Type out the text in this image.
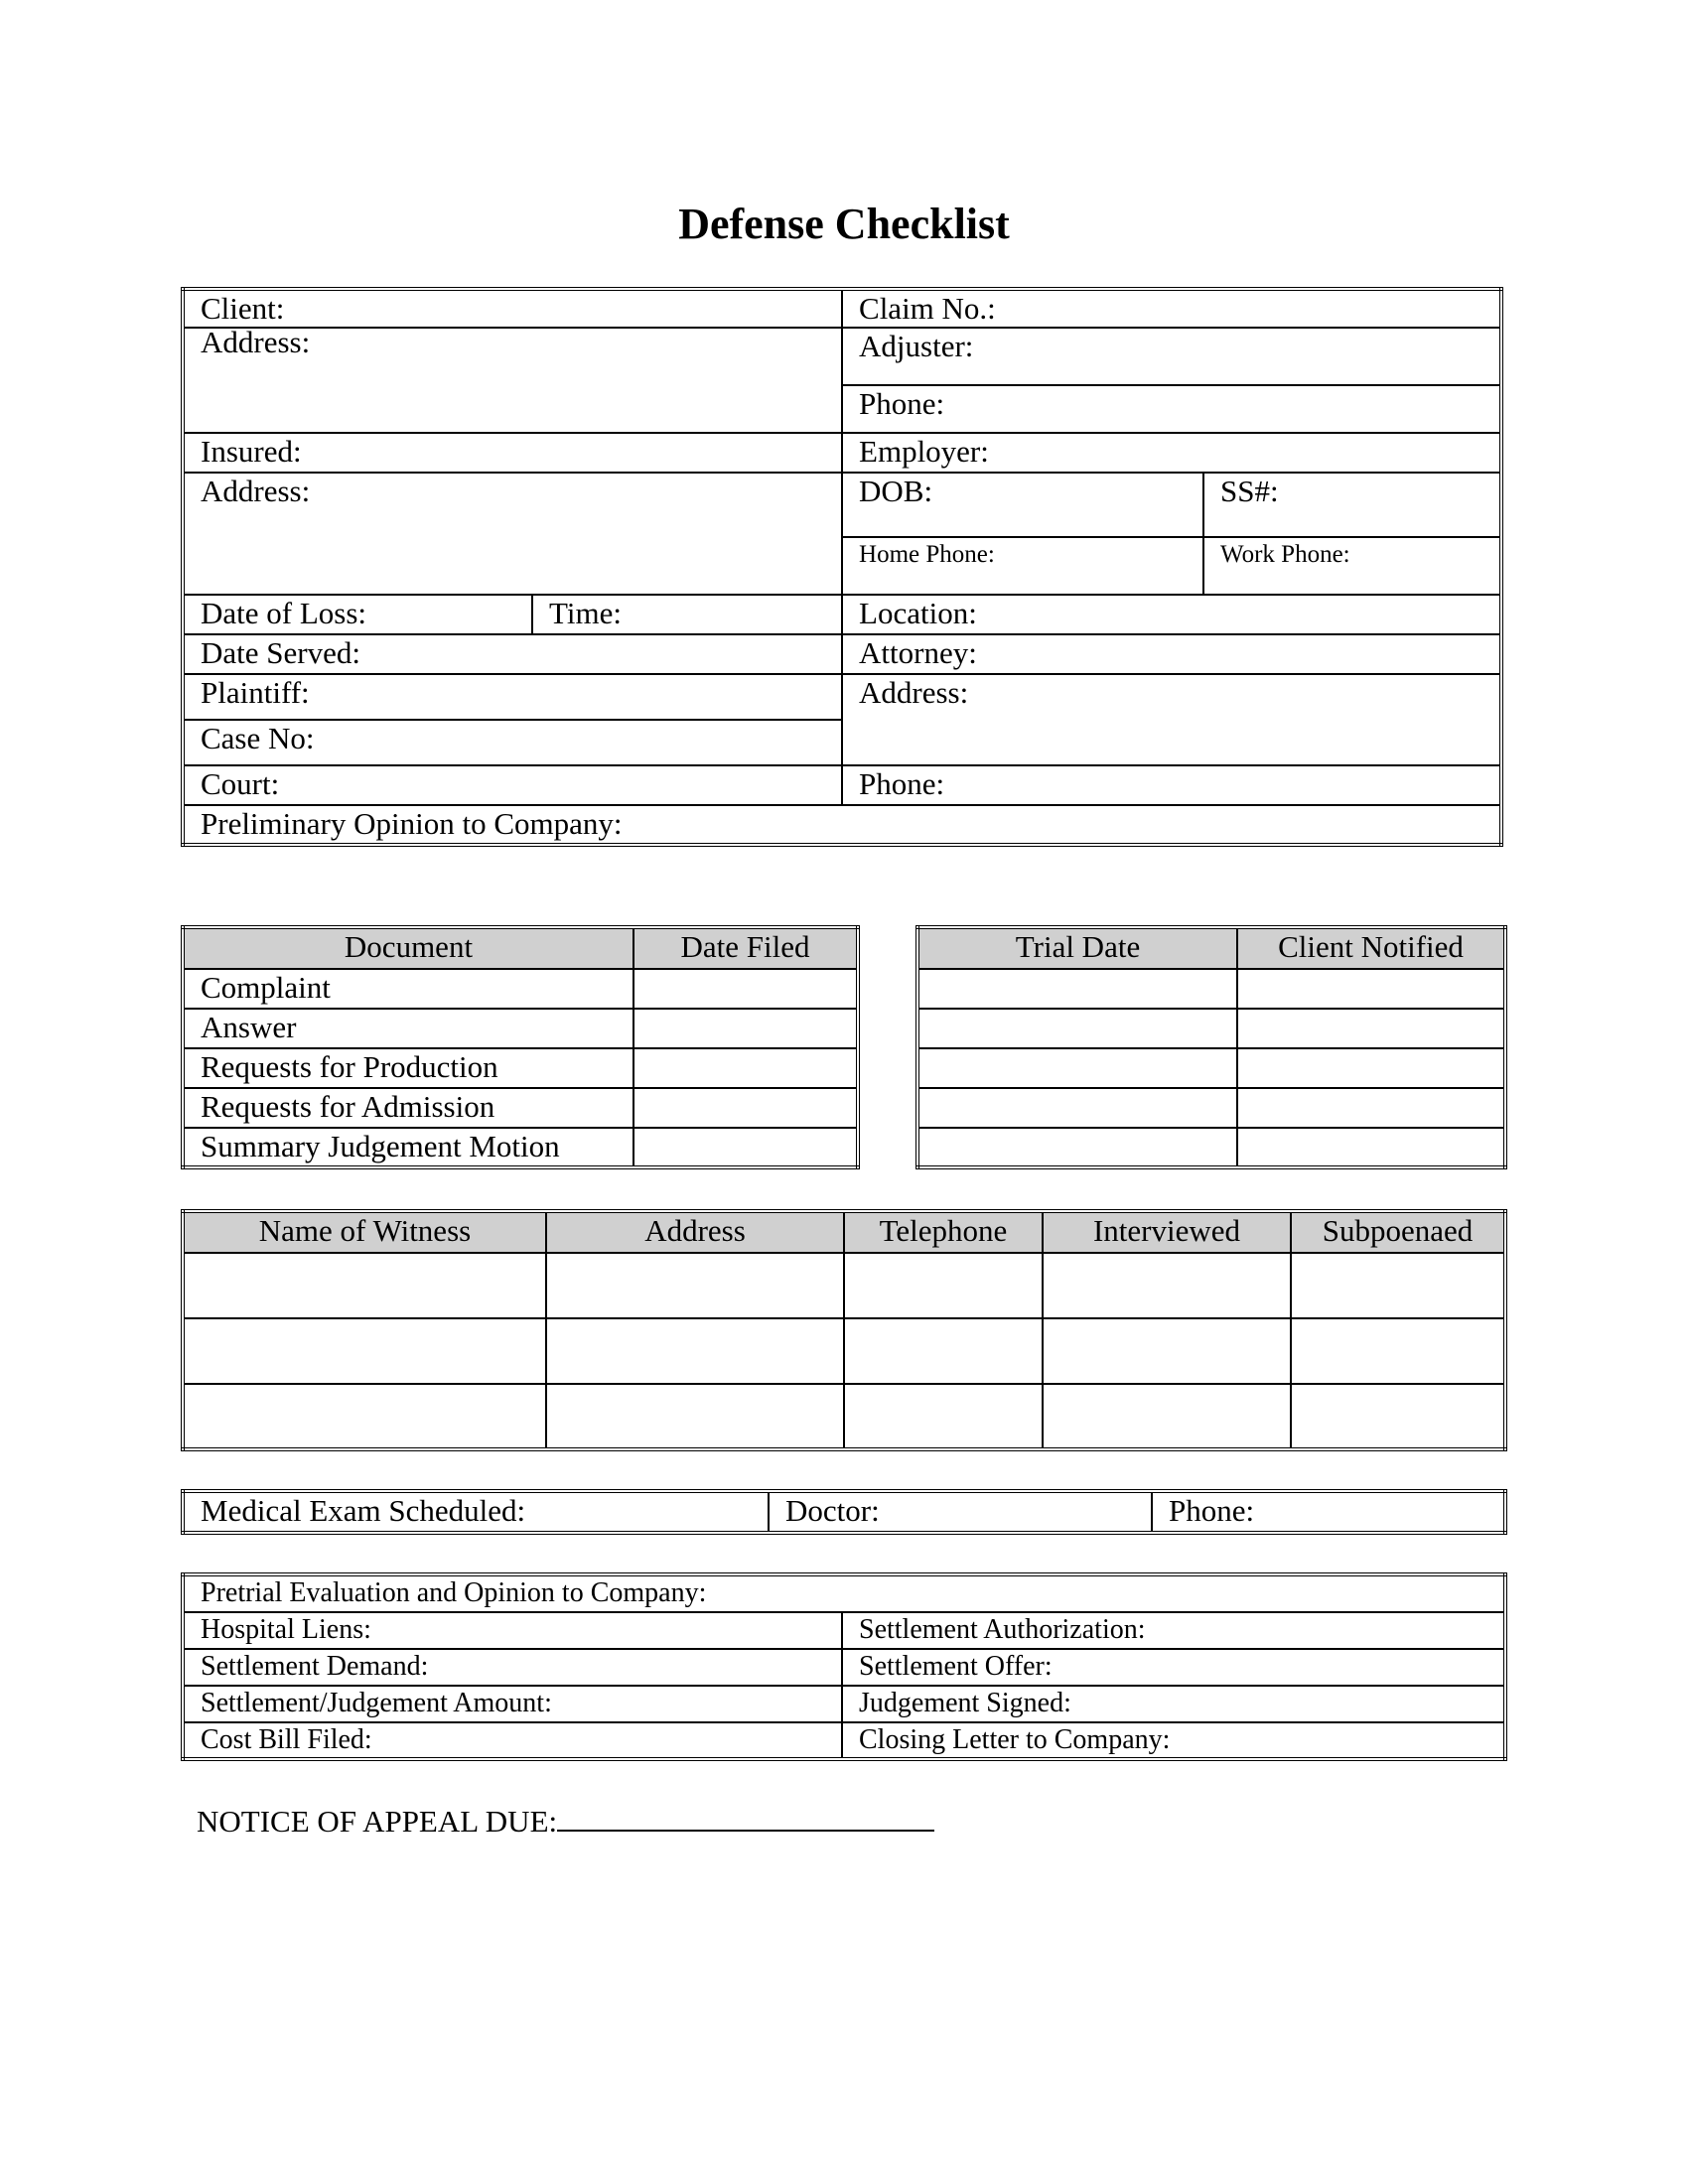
Defense Checklist
Client:		Claim No.:	
Address:		Adjuster:	
		Phone:	
Insured:		Employer:	
Address:		DOB:	SS#:
		Home Phone:	Work Phone:
Date of Loss:	Time:	Location:	
Date Served:		Attorney:	
Plaintiff:		Address:	
Case No:			
Court:		Phone:	
Preliminary Opinion to Company:			
Document	Date Filed
Complaint	
Answer	
Requests for Production	
Requests for Admission	
Summary Judgement Motion	
Trial Date	Client Notified

Name of Witness	Address	Telephone	Interviewed	Subpoenaed

Medical Exam Scheduled:	Doctor:	Phone:
Pretrial Evaluation and Opinion to Company:	
Hospital Liens:	Settlement Authorization:
Settlement Demand:	Settlement Offer:
Settlement/Judgement Amount:	Judgement Signed:
Cost Bill Filed:	Closing Letter to Company:
NOTICE OF APPEAL DUE:
